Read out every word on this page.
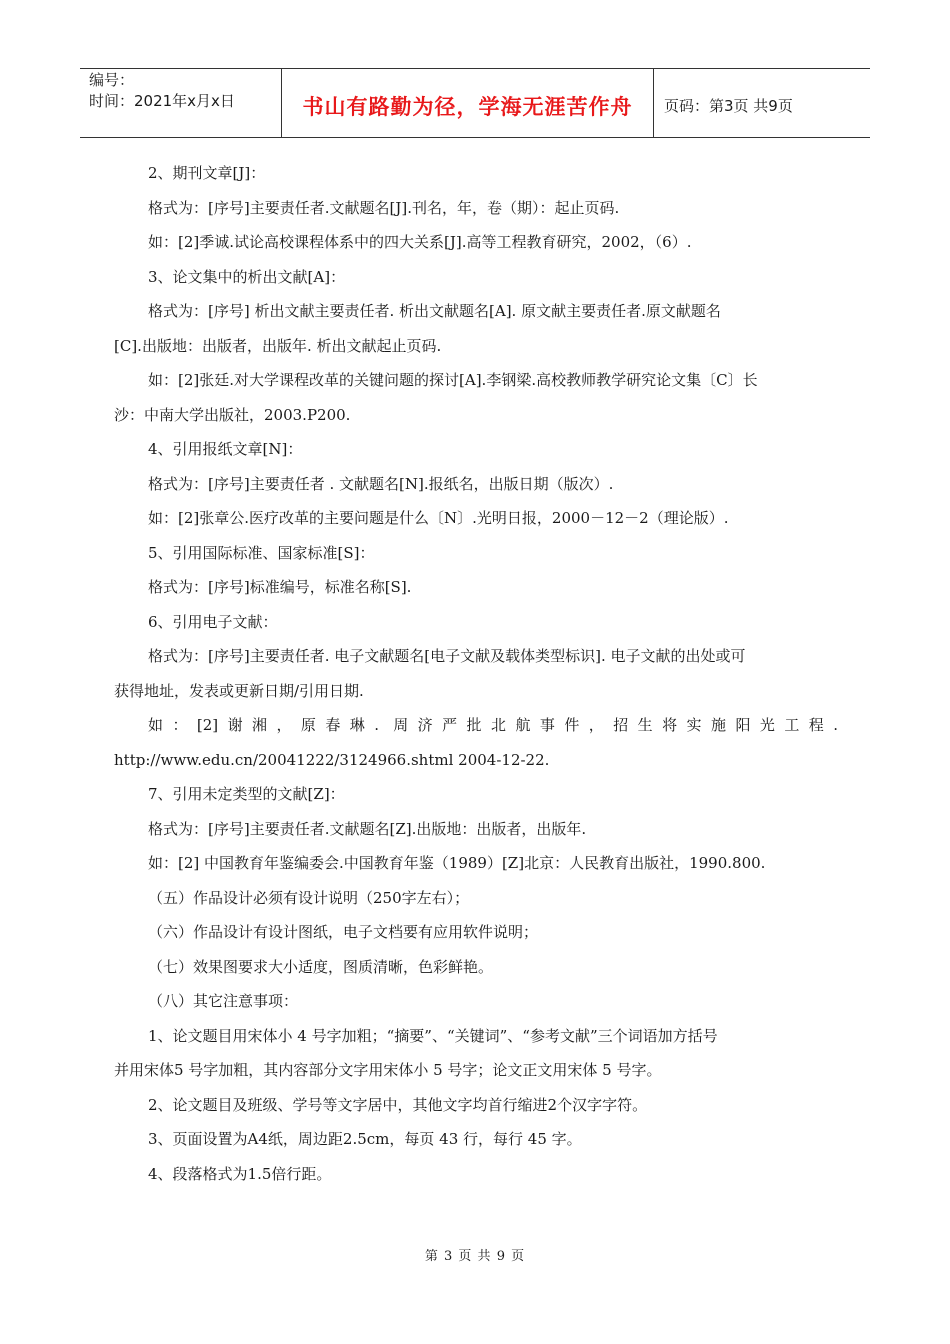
编号：
时间：2021年x月x日	书山有路勤为径，学海无涯苦作舟 页码：第3页 共9页

2、期刊文章[J]：

格式为：[序号]主要责任者.文献题名[J].刊名，年，卷（期）：起止页码.

如：[2]季诚.试论高校课程体系中的四大关系[J].高等工程教育研究，2002，（6）.

3、论文集中的析出文献[A]：

格式为：[序号] 析出文献主要责任者. 析出文献题名[A]. 原文献主要责任者.原文献题名

[C].出版地：出版者，出版年. 析出文献起止页码.

如：[2]张廷.对大学课程改革的关键问题的探讨[A].李钢梁.高校教师教学研究论文集〔C〕长

沙：中南大学出版社，2003.P200.

4、引用报纸文章[N]：

格式为：[序号]主要责任者 . 文献题名[N].报纸名，出版日期（版次）.

如：[2]张章公.医疗改革的主要问题是什么〔N〕.光明日报，2000－12－2（理论版）.

5、引用国际标准、国家标准[S]：

格式为：[序号]标准编号，标准名称[S].

6、引用电子文献：

格式为：[序号]主要责任者. 电子文献题名[电子文献及载体类型标识]. 电子文献的出处或可

获得地址，发表或更新日期/引用日期.

如：[2]谢湘，原春琳. 周济严批北航事件，招生将实施阳光工程.

http://www.edu.cn/20041222/3124966.shtml 2004-12-22.

7、引用未定类型的文献[Z]：

格式为：[序号]主要责任者.文献题名[Z].出版地：出版者，出版年.

如：[2] 中国教育年鉴编委会.中国教育年鉴（1989）[Z]北京：人民教育出版社，1990.800.

（五）作品设计必须有设计说明（250字左右）；

（六）作品设计有设计图纸，电子文档要有应用软件说明；

（七）效果图要求大小适度，图质清晰，色彩鲜艳。

（八）其它注意事项：

1、论文题目用宋体小 4 号字加粗；“摘要”、“关键词”、“参考文献”三个词语加方括号

并用宋体5 号字加粗，其内容部分文字用宋体小 5 号字；论文正文用宋体 5 号字。

2、论文题目及班级、学号等文字居中，其他文字均首行缩进2个汉字字符。

3、页面设置为A4纸，周边距2.5cm，每页 43 行，每行 45 字。

4、段落格式为1.5倍行距。

第 3 页 共 9 页
